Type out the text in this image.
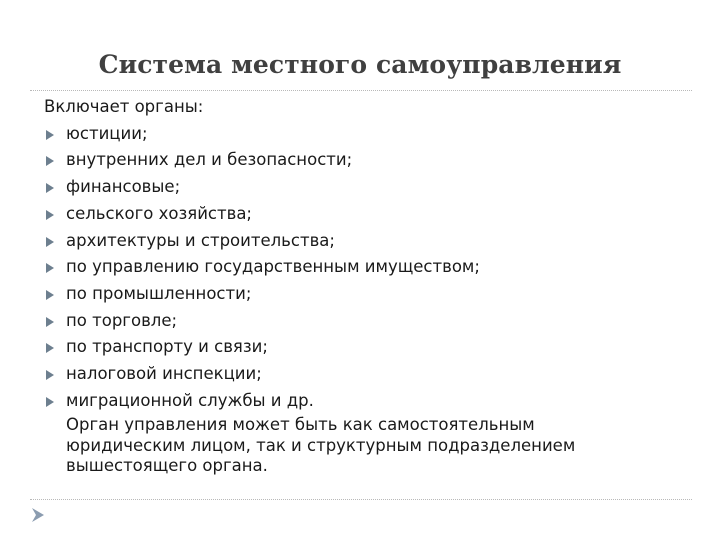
Система местного самоуправления
Включает органы:
юстиции;
внутренних дел и безопасности;
финансовые;
сельского хозяйства;
архитектуры и строительства;
по управлению государственным имуществом;
по промышленности;
по торговле;
по транспорту и связи;
налоговой инспекции;
миграционной службы и др.
Орган управления может быть как самостоятельным юридическим лицом, так и структурным подразделением вышестоящего органа.
